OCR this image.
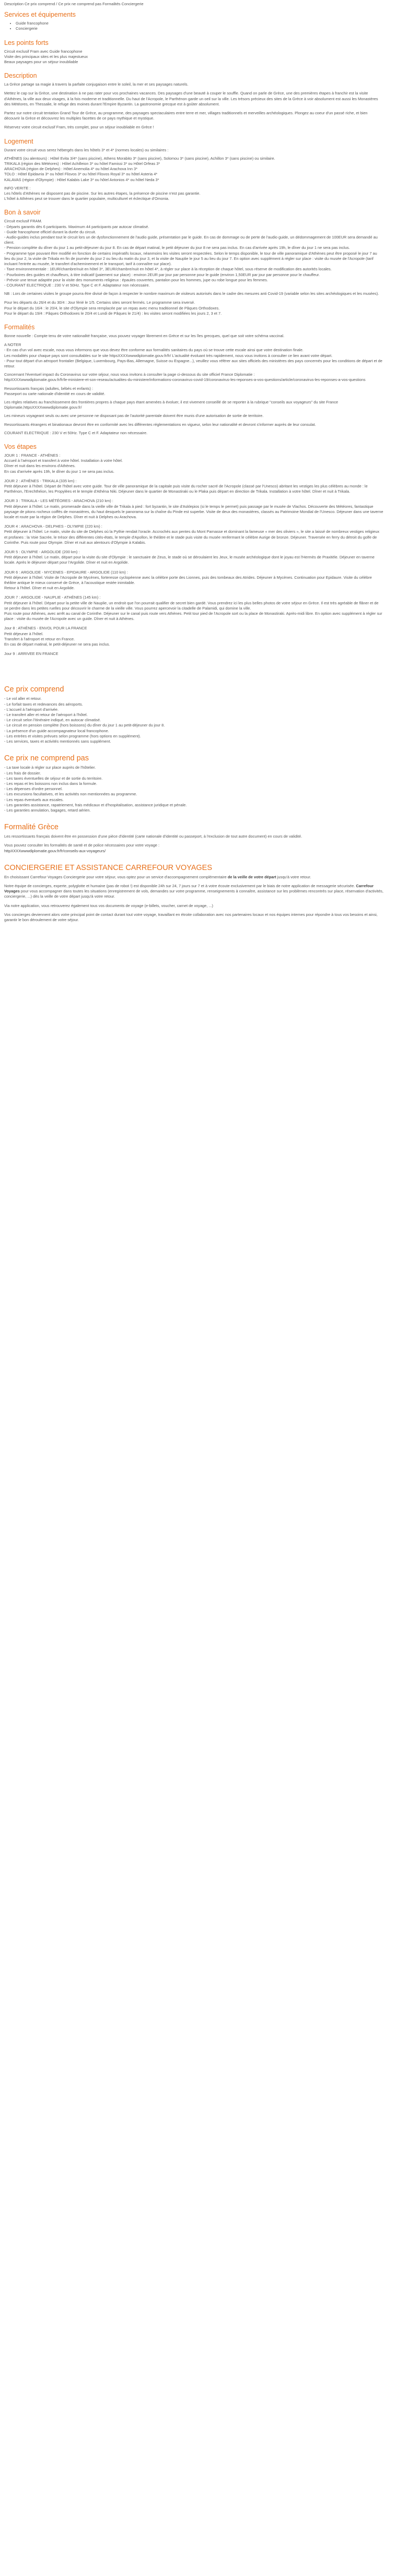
Description Ce prix comprend / Ce prix ne comprend pas Formalités Conciergerie

Services et équipements
• Guide francophone
• Conciergerie
Les points forts
Circuit exclusif Fram avec Guide francophone
Visite des principaux sites et les plus majestueux
Beaux paysages pour un séjour inoubliable
Description

La Grèce partage sa magie à travers la parfaite conjugaison entre le soleil, la mer et ses paysages naturels.

Mettez le cap sur la Grèce, une destination à ne pas rater pour vos prochaines vacances. Des paysages d'une beauté à couper le souffle. Quand on parle de Grèce, une des premières étapes à franchir est la visite d'Athènes, la ville aux deux visages, à la fois moderne et traditionnelle. Du haut de l'Acropole, le Parthénon garde un oeil sur la ville. Les trésors précieux des sites de la Grèce à voir absolument est aussi les Monastères des Météores, en Thessalie, le refuge des moines durant l'Empire Byzantin. La gastronomie grecque est à goûter absolument.

Partez sur notre circuit tentation Grand Tour de Grèce, au programme, des paysages spectaculaires entre terre et mer, villages traditionnels et merveilles archéologiques. Plongez au coeur d'un passé riche, et bien découvrir la Grèce et découvrez les multiples facettes de ce pays mythique et mystique.

Réservez votre circuit exclusif Fram, très complet, pour un séjour inoubliable en Grèce !

Logement
Durant votre circuit vous serez hébergés dans les hôtels 3* et 4* (normes locales) ou similaires :
ATHÈNES (ou alentours) : Hôtel Evita 3/4* (sans piscine), Athens Morabito 3* (sans piscine), Solomou 3* (sans piscine), Achillon 3* (sans piscine) ou similaire.
TRIKALA (région des Météores) : Hôtel Achilleion 3* ou hôtel Famissi 3* ou Hôtel Orfeas 3*
ARACHOVA (région de Delphes) : Hôtel Anemolia 4* ou hôtel Arachova Inn 3*
TOLO : Hôtel Epidavria 3* ou hôtel Flisvos 3* ou hôtel Flisvos Royal 3* ou hôtel Asteria 4*
KALAVAS (région d'Olympie) : Hôtel Kalabis Lake 3* ou hôtel Antonios 4* ou hôtel Neda 3*
INFO VERITE :
Les hôtels d'Athènes ne disposent pas de piscine. Sur les autres étapes, la présence de piscine n'est pas garantie.
L'hôtel à Athènes peut se trouver dans le quartier populaire, multiculturel et éclectique d'Omonia.
Bon à savoir
Circuit exclusif FRAM.
- Départs garantis dès 6 participants. Maximum 44 participants par autocar climatisé.
- Guide francophone officiel durant la durée du circuit.
- Audio-guides inclus pendant tout le circuit lors un de dysfonctionnement de l'audio guide, présentation par le guide. En cas de dommage ou de perte de l'audio guide, un dédommagement de 100EUR sera demandé au client.
- Pension complète du dîner du jour 1 au petit-déjeuner du jour 8. En cas de départ matinal, le petit déjeuner du jour 8 ne sera pas inclus. En cas d'arrivée après 19h, le dîner du jour 1 ne sera pas inclus.
- Programme type pouvant être modifié en fonction de certains impératifs locaux, néanmoins les visites seront respectées. Selon le temps disponible, le tour de ville panoramique d'Athènes peut être proposé le jour 7 au lieu du jour 2, la visite de Trikala en fin de journée du jour 2 ou lieu du matin du jour 3, et la visite de Nauplie le jour 5 au lieu du jour 7. En option avec supplément à régler sur place : visite du musée de l'Acropole (tarif incluant l'entrée au musée, le transfert d'acheminement et le transport, tarif à connaître sur place).
- Taxe environnementale : 1EUR/chambre/nuit en hôtel 3*, 3EUR/chambre/nuit en hôtel 4*, à régler sur place à la réception de chaque hôtel, sous réserve de modification des autorités locales.
- Pourboires des guides et chauffeurs, à titre indicatif (paiement sur place) : environ 2EUR par jour par personne pour le guide (environ 1,50EUR par jour par personne pour le chauffeur.
- Prévoir une tenue adaptée pour la visite des monuments religieux : épaules couvertes, pantalon pour les hommes, jupe ou robe longue pour les femmes.
- COURANT ELECTRIQUE : 230 V et 50Hz. Type C et F. Adaptateur non nécessaire.

NB : Lors de certaines visites le groupe pourra être divisé de façon à respecter le nombre maximum de visiteurs autorisés dans le cadre des mesures anti Covid-19 (variable selon les sites archéologiques et les musées).

Pour les départs du 26/4 et du 30/4 : Jour férié le 1/5. Certains sites seront fermés. Le programme sera inversé.
Pour le départ du 16/4 : le 20/4, le site d'Olympie sera remplacée par un repas avec menu traditionnel de Pâques Orthodoxes.
Pour le départ du 19/4 : Pâques Orthodoxes le 20/4 et Lundi de Pâques le 21/4) : les visites seront modifiées les jours 2, 3 et 7.
Formalités

Bonne nouvelle : Compte tenu de votre nationalité française, vous pouvez voyager librement en Grèce et sur les îles grecques, quel que soit votre schéma vaccinal.

A NOTER
- En cas d'un vol avec escale, nous vous informons que vous devez être conforme aux formalités sanitaires du pays où se trouve cette escale ainsi que votre destination finale.
Les modalités pour chaque pays sont consultables sur le site httpsXXXXwwwdiplomatie.gouv.fr/fr/ L'actualité évoluant très rapidement, nous vous invitons à consulter ce lien avant votre départ.
- Pour tout départ d'un aéroport frontalier (Belgique, Luxembourg, Pays-Bas, Allemagne, Suisse ou Espagne...), veuillez vous référer aux sites officiels des ministères des pays concernés pour les conditions de départ et de retour.
Concernant l'éventuel impact du Coronavirus sur votre séjour, nous vous invitons à consulter la page ci-dessous du site officiel France Diplomatie :
httpXXXXwwwdiplomatie.gouv.fr/fr/le-ministere-et-son-reseau/actualites-du-ministere/informations-coronavirus-covid-19/coronavirus-les-reponses-a-vos-questions/article/coronavirus-les-reponses-a-vos-questions
Ressortissants français (adultes, bébés et enfants) :
Passeport ou carte nationale d'identité en cours de validité.
Les règles relatives au franchissement des frontières propres à chaque pays étant amenées à évoluer, il est vivement conseillé de se reporter à la rubrique "conseils aux voyageurs" du site France
Diplomatie,httpsXXXXwwwdiplomatie.gouv.fr/
Les mineurs voyageant seuls ou avec une personne ne disposant pas de l'autorité parentale doivent être munis d'une autorisation de sortie de territoire.
Ressortissants étrangers et binationaux devront être en conformité avec les différentes réglementations en vigueur, selon leur nationalité et devront s'informer auprès de leur consulat.
COURANT ELECTRIQUE : 230 V et 50Hz. Type C et F. Adaptateur non nécessaire.
Vos étapes
JOUR 1 : FRANCE - ATHÈNES :
Accueil à l'aéroport et transfert à votre hôtel. Installation à votre hôtel.
Dîner et nuit dans les environs d'Athènes.
En cas d'arrivée après 19h, le dîner du jour 1 ne sera pas inclus.
JOUR 2 : ATHÈNES - TRIKALA (335 km) :
Petit déjeuner à l'hôtel. Départ de l'hôtel avec votre guide. Tour de ville panoramique de la capitale puis visite du rocher sacré de l'Acropole (classé par l'Unesco) abritant les vestiges les plus célèbres au monde : le Parthénon, l'Erechthéion, les Propylées et le temple d'Athéna Niki. Déjeuner dans le quartier de Monastiraki ou le Plaka puis départ en direction de Trikala. Installation à votre hôtel. Dîner et nuit à Trikala.
JOUR 3 : TRIKALA - LES MÉTÉORES - ARACHOVA (210 km) :
Petit déjeuner à l'hôtel. Le matin, promenade dans la vieille ville de Trikala à pied : fort byzantin, le site d'Asklepios (si le temps le permet) puis passage par le musée de Vlachos. Découverte des Météores, fantastique paysage de pitons rocheux coiffés de monastères, du haut desquels le panorama sur la chaîne du Pinde est superbe. Visite de deux des monastères, classés au Patrimoine Mondial de l'Unesco. Déjeuner dans une taverne locale et route par la région de Delphes. Dîner et nuit à Delphes ou Arachova.
JOUR 4 : ARACHOVA - DELPHES - OLYMPIE (220 km) :
Petit déjeuner à l'hôtel. Le matin, visite du site de Delphes où la Pythie rendait l'oracle. Accrochés aux pentes du Mont Parnasse et dominant la fameuse « mer des oliviers », le site a laissé de nombreux vestiges religieux et profanes : la Voie Sacrée, le trésor des différentes cités-états, le temple d'Apollon, le théâtre et le stade puis visite du musée renfermant le célèbre Aurige de bronze. Déjeuner. Traversée en ferry du détroit du golfe de Corinthe. Puis route pour Olympie. Dîner et nuit aux alentours d'Olympie à Kalabis.
JOUR 5 : OLYMPIE - ARGOLIDE (200 km) :
Petit déjeuner à l'hôtel. Le matin, départ pour la visite du site d'Olympie : le sanctuaire de Zeus, le stade où se déroulaient les Jeux, le musée archéologique dont le joyau est l'Hermès de Praxitèle. Déjeuner en taverne locale. Après le déjeuner départ pour l'Argolide. Dîner et nuit en Argolide.
JOUR 6 : ARGOLIDE - MYCENES - EPIDAURE - ARGOLIDE (110 km) :
Petit déjeuner à l'hôtel. Visite de l'Acropole de Mycènes, forteresse cyclopéenne avec la célèbre porte des Lionnes, puis des tombeaux des Atrides. Déjeuner à Mycènes. Continuation pour Epidaure. Visite du célèbre théâtre antique le mieux conservé de Grèce, à l'acoustique restée inimitable.
Retour à l'hôtel. Dîner et nuit en Argolide.
JOUR 7 : ARGOLIDE - NAUPLIE - ATHÈNES (145 km) :
Petit déjeuner à l'hôtel. Départ pour la petite ville de Nauplie, un endroit que l'on pourrait qualifier de secret bien gardé. Vous prendrez ici les plus belles photos de votre séjour en Grèce. Il est très agréable de flâner et de se perdre dans les petites ruelles pour découvrir le charme de la vieille ville. Vous pourrez apercevoir la citadelle de Palamidi, qui domine la ville.
Puis route pour Athènes, avec arrêt au canal de Corinthe. Déjeuner sur le canal puis route vers Athènes. Petit tour pied de l'Acropole sort ou la place de Monastiraki. Après-midi libre. En option avec supplément à régler sur place : visite du musée de l'Acropole avec un guide. Dîner et nuit à Athènes.
Jour 8 : ATHÈNES - ENVOL POUR LA FRANCE
Petit déjeuner à l'hôtel.
Transfert à l'aéroport et retour en France.
En cas de départ matinal, le petit-déjeuner ne sera pas inclus.
Jour 9 : ARRIVEE EN FRANCE
Ce prix comprend
- Le vol aller et retour.
- Le forfait taxes et redevances des aéroports.
- L'accueil à l'aéroport d'arrivée.
- Le transfert aller et retour de l'aéroport à l'hôtel.
- Le circuit selon l'itinéraire indiqué, en autocar climatisé.
- Le circuit en pension complète (hors boissons) du dîner du jour 1 au petit-déjeuner du jour 8.
- La présence d'un guide accompagnateur local francophone.
- Les entrées et visites prévues selon programme (hors options en supplément).
- Les services, taxes et activités mentionnés sans supplément.
Ce prix ne comprend pas
- La taxe locale à régler sur place auprès de l'hôtelier.
- Les frais de dossier.
- Les taxes éventuelles de séjour et de sortie du territoire.
- Les repas et les boissons non inclus dans la formule.
- Les dépenses d'ordre personnel.
- Les excursions facultatives, et les activités non mentionnées au programme.
- Les repas éventuels aux escales.
- Les garanties assistance, rapatriement, frais médicaux et d'hospitalisation, assistance juridique et pénale.
- Les garanties annulation, bagages, retard aérien.
Formalité Grèce

Les ressortissants français doivent être en possession d'une pièce d'identité (carte nationale d'identité ou passeport, à l'exclusion de tout autre document) en cours de validité.

Vous pouvez consulter les formalités de santé et de police nécessaires pour votre voyage :
httpXXXXwwwdiplomatie.gouv.fr/fr/conseils-aux-voyageurs/
CONCIERGERIE ET ASSISTANCE CARREFOUR VOYAGES

En choisissant Carrefour Voyages Conciergerie pour votre séjour, vous optez pour un service d'accompagnement complémentaire de la veille de votre départ jusqu'à votre retour.

Notre équipe de concierges, experte, polyglotte et humaine (pas de robot !) est disponible 24h sur 24, 7 jours sur 7 et à votre écoute exclusivement par le biais de notre application de messagerie sécurisée. Carrefour Voyages pour vous accompagner dans toutes les situations (enregistrement de vols, demandes sur votre programme, renseignements à connaître, assistance sur les problèmes rencontrés sur place, réservation d'activités, conciergerie, ...) dès la veille de votre départ jusqu'à votre retour.

Via notre application, vous retrouverez également tous vos documents de voyage (e-billets, voucher, carnet de voyage, ...)

Vos concierges deviennent alors votre principal point de contact durant tout votre voyage, travaillant en étroite collaboration avec nos partenaires locaux et nos équipes internes pour répondre à tous vos besoins et ainsi, garantir le bon déroulement de votre séjour.
